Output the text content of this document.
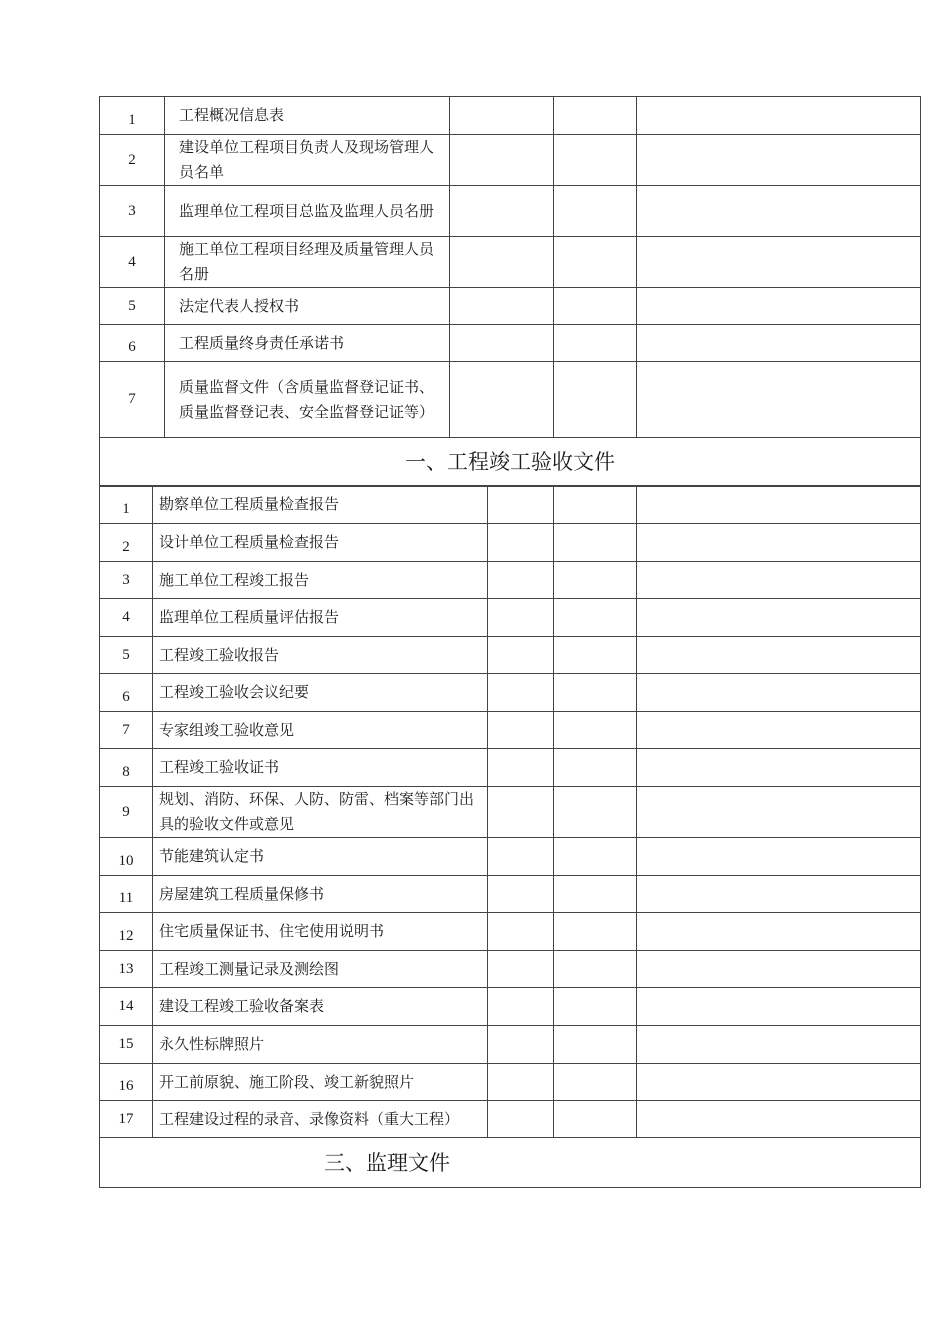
1	工程概况信息表			
2	建设单位工程项目负责人及现场管理人员名单			
3	监理单位工程项目总监及监理人员名册			
4	施工单位工程项目经理及质量管理人员名册			
5	法定代表人授权书			
6	工程质量终身责任承诺书			
7	质量监督文件（含质量监督登记证书、质量监督登记表、安全监督登记证等）			
一、工程竣工验收文件				
1	勘察单位工程质量检查报告			
2	设计单位工程质量检查报告			
3	施工单位工程竣工报告			
4	监理单位工程质量评估报告			
5	工程竣工验收报告			
6	工程竣工验收会议纪要			
7	专家组竣工验收意见			
8	工程竣工验收证书			
9	规划、消防、环保、人防、防雷、档案等部门出具的验收文件或意见			
10	节能建筑认定书			
11	房屋建筑工程质量保修书			
12	住宅质量保证书、住宅使用说明书			
13	工程竣工测量记录及测绘图			
14	建设工程竣工验收备案表			
15	永久性标牌照片			
16	开工前原貌、施工阶段、竣工新貌照片			
17	工程建设过程的录音、录像资料（重大工程）			
三、监理文件				
